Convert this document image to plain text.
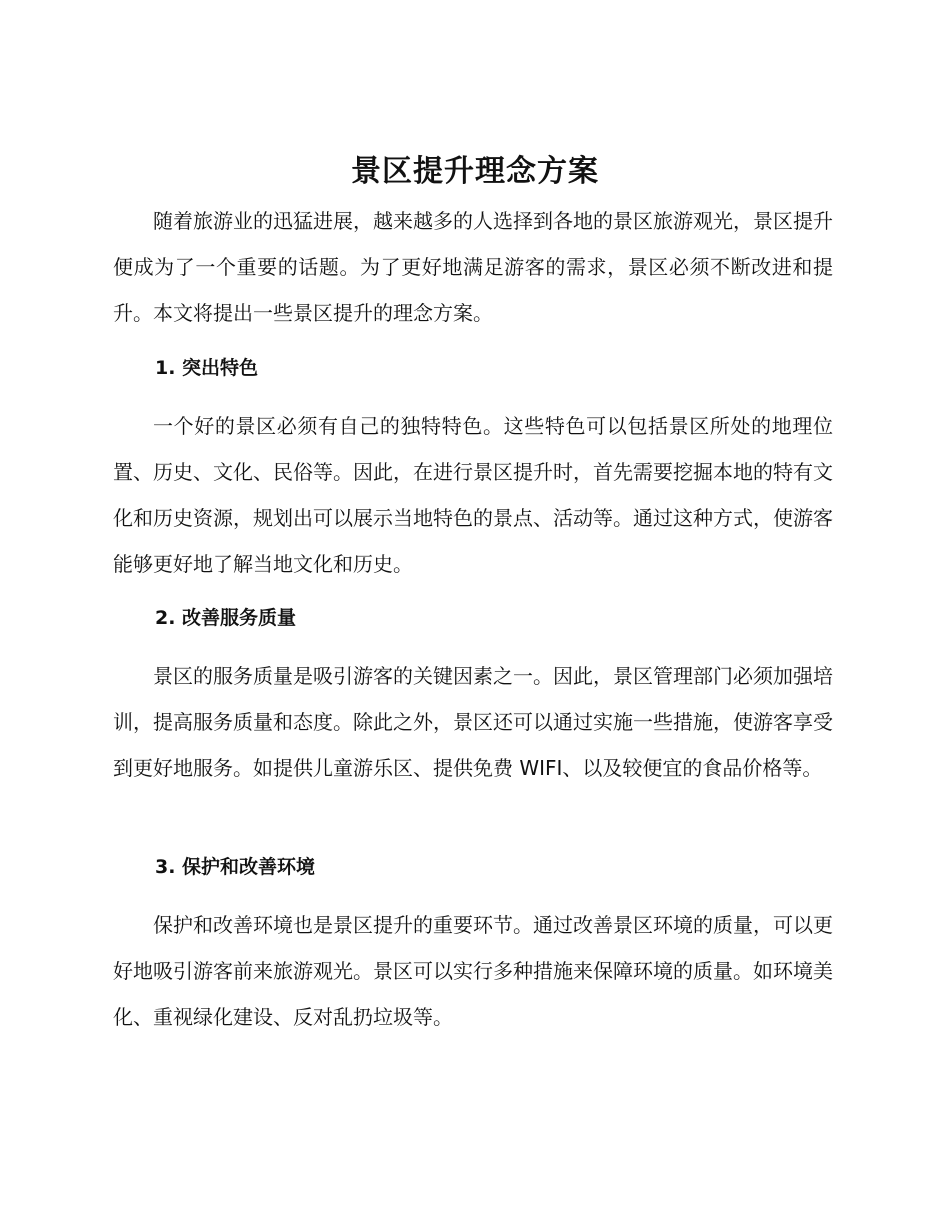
景区提升理念方案

随着旅游业的迅猛进展，越来越多的人选择到各地的景区旅游观光，景区提升便成为了一个重要的话题。为了更好地满足游客的需求，景区必须不断改进和提升。本文将提出一些景区提升的理念方案。

1. 突出特色

一个好的景区必须有自己的独特特色。这些特色可以包括景区所处的地理位置、历史、文化、民俗等。因此，在进行景区提升时，首先需要挖掘本地的特有文化和历史资源，规划出可以展示当地特色的景点、活动等。通过这种方式，使游客能够更好地了解当地文化和历史。

2. 改善服务质量

景区的服务质量是吸引游客的关键因素之一。因此，景区管理部门必须加强培训，提高服务质量和态度。除此之外，景区还可以通过实施一些措施，使游客享受到更好地服务。如提供儿童游乐区、提供免费 WIFI、以及较便宜的食品价格等。

3. 保护和改善环境

保护和改善环境也是景区提升的重要环节。通过改善景区环境的质量，可以更好地吸引游客前来旅游观光。景区可以实行多种措施来保障环境的质量。如环境美化、重视绿化建设、反对乱扔垃圾等。
